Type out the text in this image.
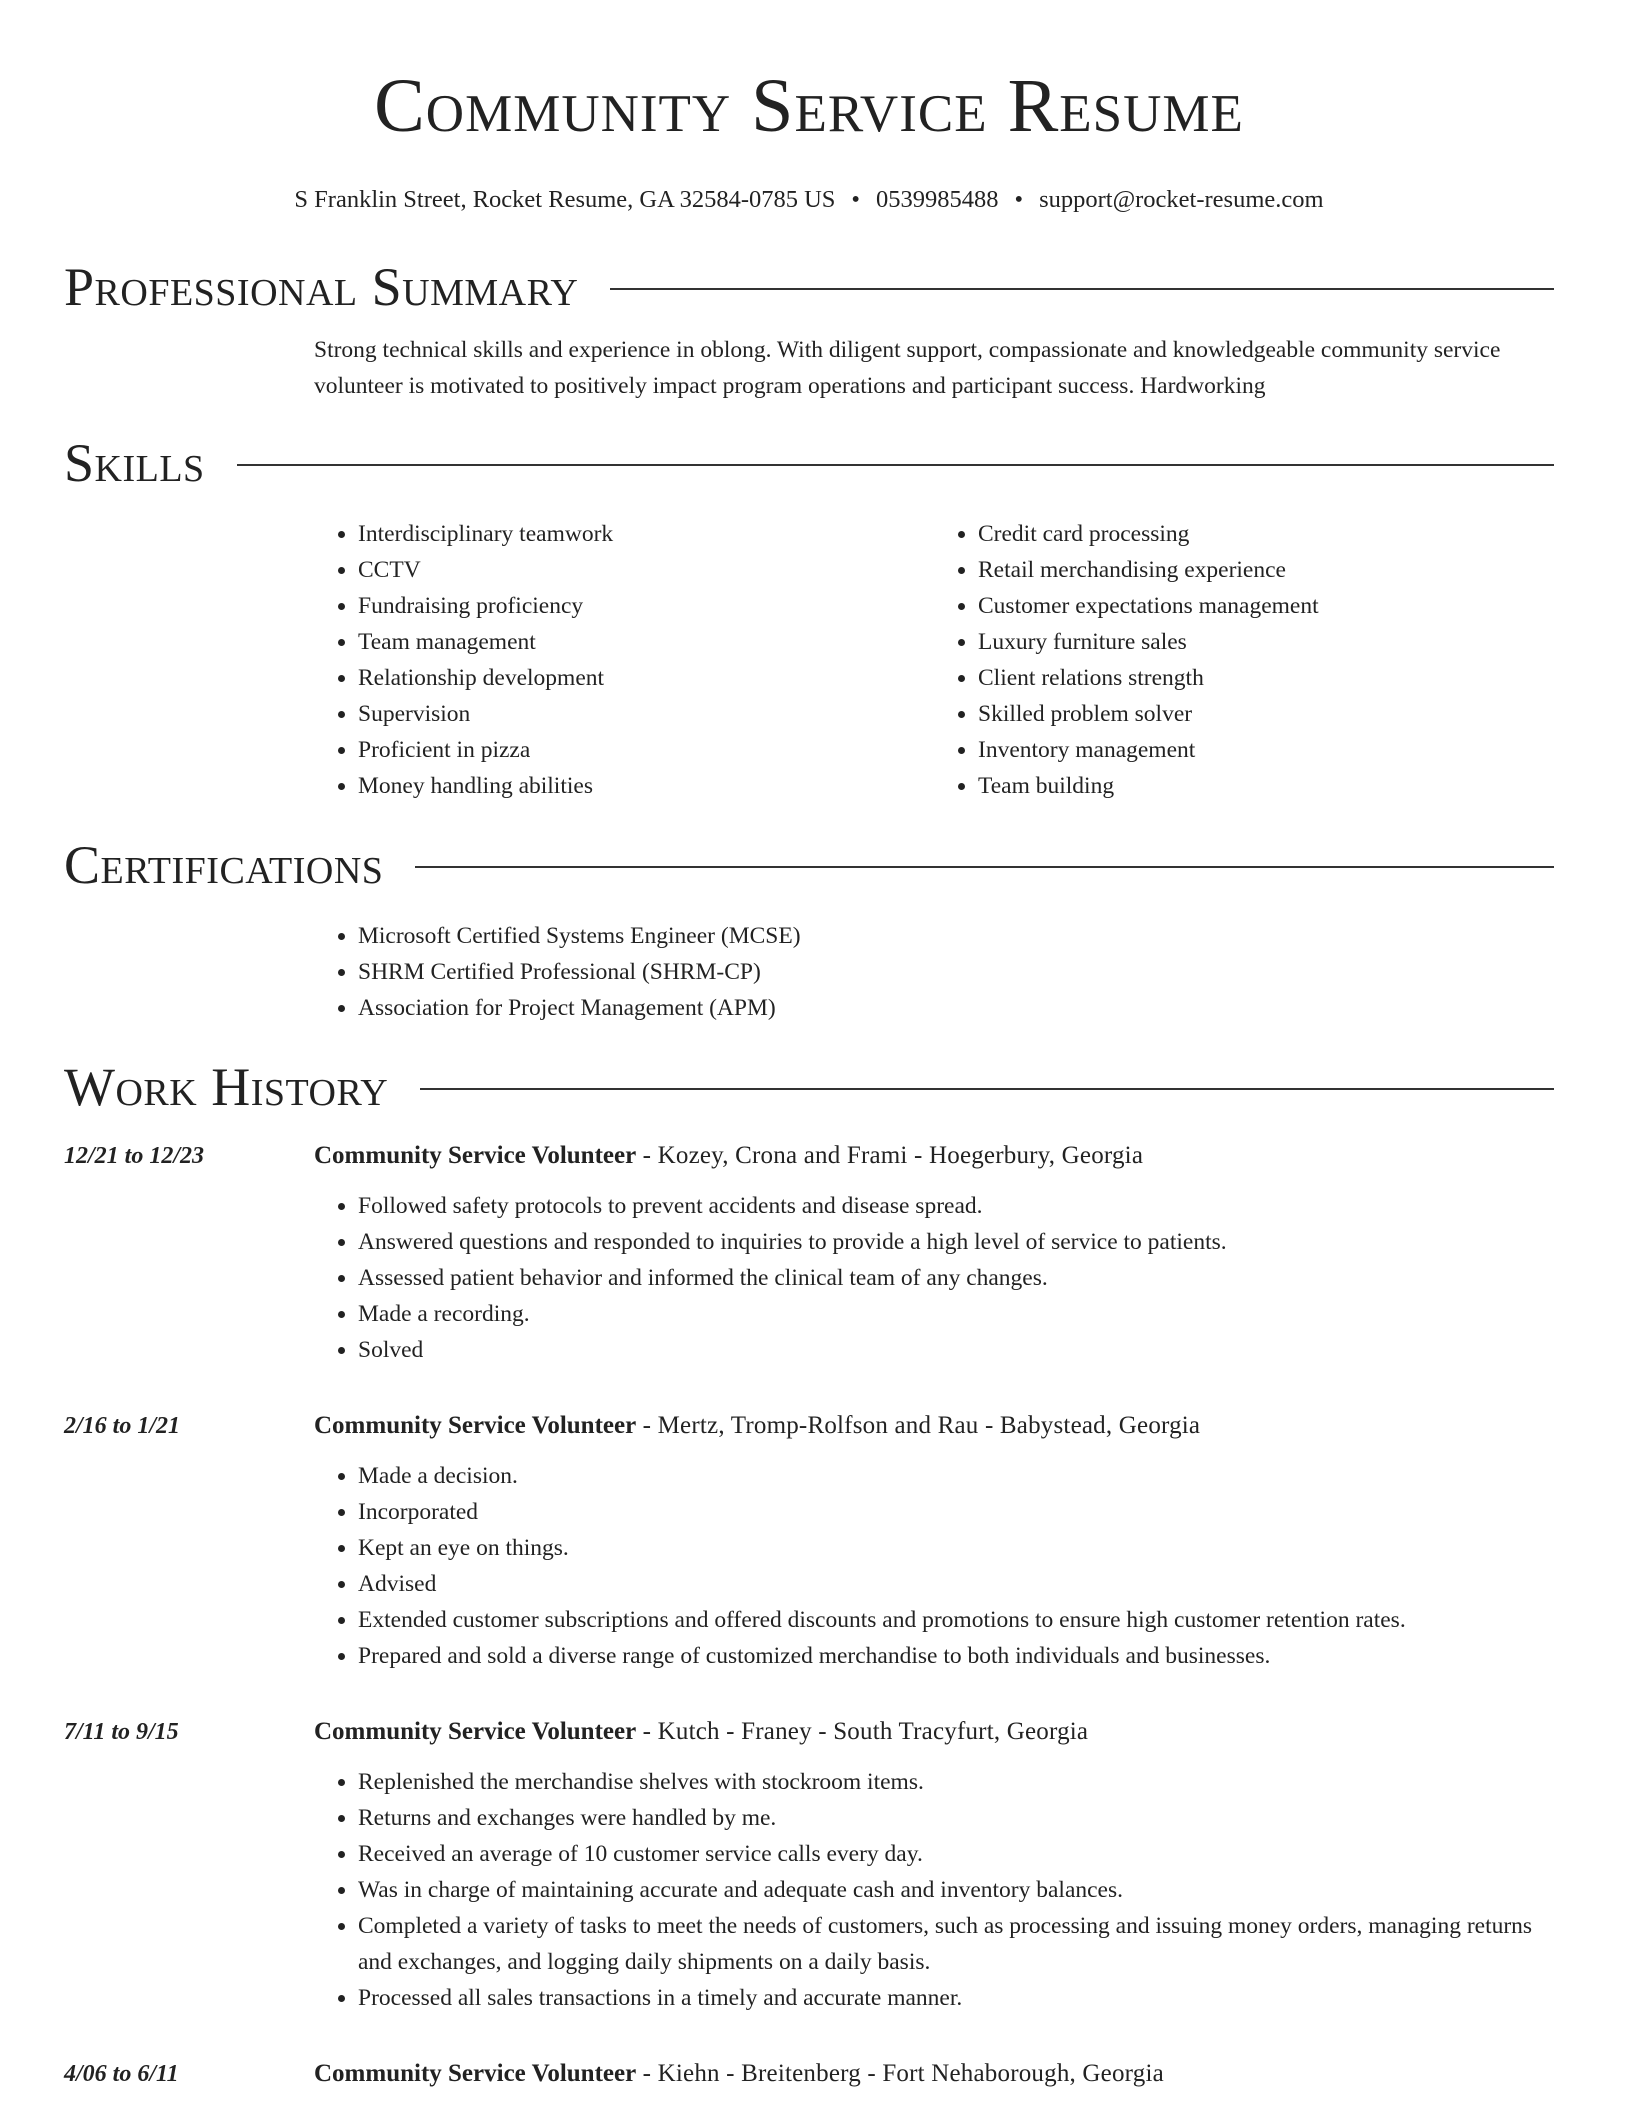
Community Service Resume
S Franklin Street, Rocket Resume, GA 32584-0785 US • 0539985488 • support@rocket-resume.com
Professional Summary
Strong technical skills and experience in oblong. With diligent support, compassionate and knowledgeable community service volunteer is motivated to positively impact program operations and participant success. Hardworking
Skills
• Interdisciplinary teamwork
• CCTV
• Fundraising proficiency
• Team management
• Relationship development
• Supervision
• Proficient in pizza
• Money handling abilities
• Credit card processing
• Retail merchandising experience
• Customer expectations management
• Luxury furniture sales
• Client relations strength
• Skilled problem solver
• Inventory management
• Team building
Certifications
• Microsoft Certified Systems Engineer (MCSE)
• SHRM Certified Professional (SHRM-CP)
• Association for Project Management (APM)
Work History
12/21 to 12/23	Community Service Volunteer - Kozey, Crona and Frami - Hoegerbury, Georgia
• Followed safety protocols to prevent accidents and disease spread.
• Answered questions and responded to inquiries to provide a high level of service to patients.
• Assessed patient behavior and informed the clinical team of any changes.
• Made a recording.
• Solved
2/16 to 1/21	Community Service Volunteer - Mertz, Tromp-Rolfson and Rau - Babystead, Georgia
• Made a decision.
• Incorporated
• Kept an eye on things.
• Advised
• Extended customer subscriptions and offered discounts and promotions to ensure high customer retention rates.
• Prepared and sold a diverse range of customized merchandise to both individuals and businesses.
7/11 to 9/15	Community Service Volunteer - Kutch - Franey - South Tracyfurt, Georgia
• Replenished the merchandise shelves with stockroom items.
• Returns and exchanges were handled by me.
• Received an average of 10 customer service calls every day.
• Was in charge of maintaining accurate and adequate cash and inventory balances.
• Completed a variety of tasks to meet the needs of customers, such as processing and issuing money orders, managing returns and exchanges, and logging daily shipments on a daily basis.
• Processed all sales transactions in a timely and accurate manner.
4/06 to 6/11	Community Service Volunteer - Kiehn - Breitenberg - Fort Nehaborough, Georgia
